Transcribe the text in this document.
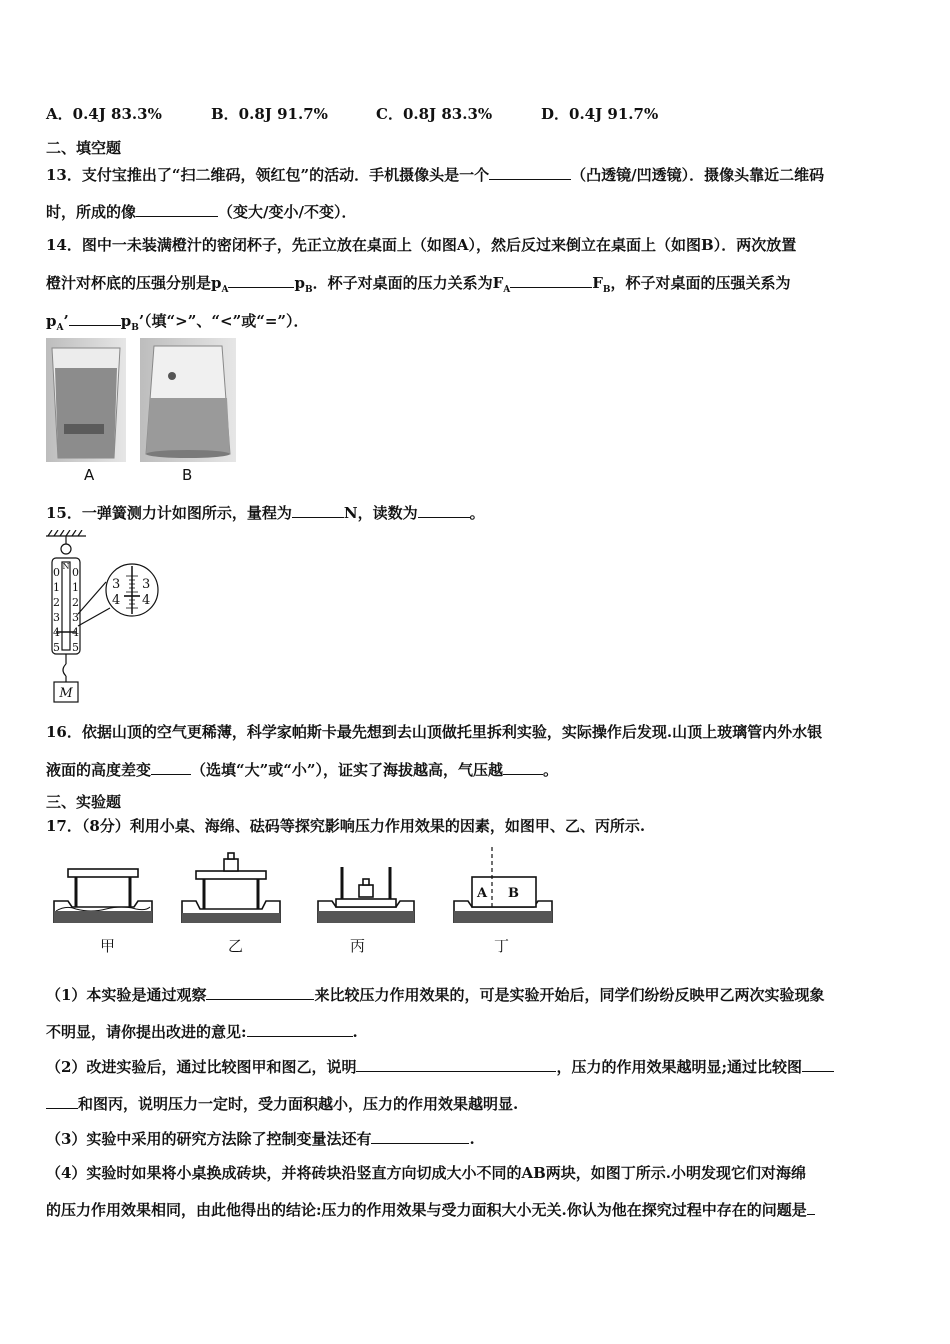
A．0.4J 83.3%	B．0.8J 91.7%	C．0.8J 83.3%	D．0.4J 91.7%
二、填空题
13．支付宝推出了“扫二维码，领红包”的活动．手机摄像头是一个	（凸透镜/凹透镜）．摄像头靠近二维码
时，所成的像	（变大/变小/不变）．
14．图中一未装满橙汁的密闭杯子，先正立放在桌面上（如图A），然后反过来倒立在桌面上（如图B）．两次放置
橙汁对杯底的压强分别是$p_A$	$p_B$．杯子对桌面的压力关系为$F_A$	$F_B$，杯子对桌面的压强关系为
$p_A$’	$p_B$’（填“>”、“<”或“=”）．
A	B
15．一弹簧测力计如图所示，量程为	N，读数为	。
N
0
1
2
3
4
5
0
1
2
3
4
5
3
4
3
4
M
16．依据山顶的空气更稀薄，科学家帕斯卡最先想到去山顶做托里拆利实验，实际操作后发现.山顶上玻璃管内外水银
液面的高度差变	（选填“大”或“小”），证实了海拔越高，气压越	。
三、实验题
17．（8分）利用小桌、海绵、砝码等探究影响压力作用效果的因素，如图甲、乙、丙所示.
A B
甲	乙	丙	丁
（1）本实验是通过观察	来比较压力作用效果的，可是实验开始后，同学们纷纷反映甲乙两次实验现象
不明显，请你提出改进的意见:	.
（2）改进实验后，通过比较图甲和图乙，说明	，压力的作用效果越明显;通过比较图
和图丙，说明压力一定时，受力面积越小，压力的作用效果越明显.
（3）实验中采用的研究方法除了控制变量法还有	.
（4）实验时如果将小桌换成砖块，并将砖块沿竖直方向切成大小不同的AB两块，如图丁所示.小明发现它们对海绵
的压力作用效果相同，由此他得出的结论:压力的作用效果与受力面积大小无关.你认为他在探究过程中存在的问题是
